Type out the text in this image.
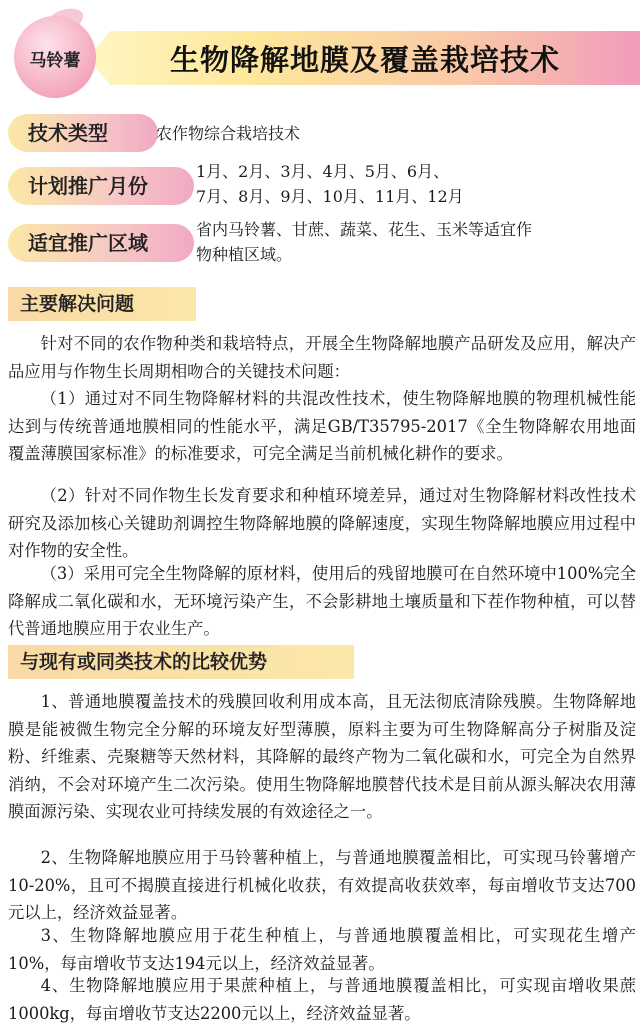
马铃薯	生物降解地膜及覆盖栽培技术
技术类型	农作物综合栽培技术
计划推广月份
1月、2月、3月、4月、5月、6月、
7月、8月、9月、10月、11月、12月
适宜推广区域
省内马铃薯、甘蔗、蔬菜、花生、玉米等适宜作
物种植区域。
主要解决问题

针对不同的农作物种类和栽培特点，开展全生物降解地膜产品研发及应用，解决产品应用与作物生长周期相吻合的关键技术问题：

（1）通过对不同生物降解材料的共混改性技术，使生物降解地膜的物理机械性能达到与传统普通地膜相同的性能水平，满足GB/T35795-2017《全生物降解农用地面覆盖薄膜国家标准》的标准要求，可完全满足当前机械化耕作的要求。

（2）针对不同作物生长发育要求和种植环境差异，通过对生物降解材料改性技术研究及添加核心关键助剂调控生物降解地膜的降解速度，实现生物降解地膜应用过程中对作物的安全性。

（3）采用可完全生物降解的原材料，使用后的残留地膜可在自然环境中100%完全降解成二氧化碳和水，无环境污染产生，不会影耕地土壤质量和下茬作物种植，可以替代普通地膜应用于农业生产。

与现有或同类技术的比较优势

1、普通地膜覆盖技术的残膜回收利用成本高，且无法彻底清除残膜。生物降解地膜是能被微生物完全分解的环境友好型薄膜，原料主要为可生物降解高分子树脂及淀粉、纤维素、壳聚糖等天然材料，其降解的最终产物为二氧化碳和水，可完全为自然界消纳，不会对环境产生二次污染。使用生物降解地膜替代技术是目前从源头解决农用薄膜面源污染、实现农业可持续发展的有效途径之一。

2、生物降解地膜应用于马铃薯种植上，与普通地膜覆盖相比，可实现马铃薯增产10-20%，且可不揭膜直接进行机械化收获，有效提高收获效率，每亩增收节支达700元以上，经济效益显著。

3、生物降解地膜应用于花生种植上，与普通地膜覆盖相比，可实现花生增产10%，每亩增收节支达194元以上，经济效益显著。

4、生物降解地膜应用于果蔗种植上，与普通地膜覆盖相比，可实现亩增收果蔗1000kg，每亩增收节支达2200元以上，经济效益显著。
